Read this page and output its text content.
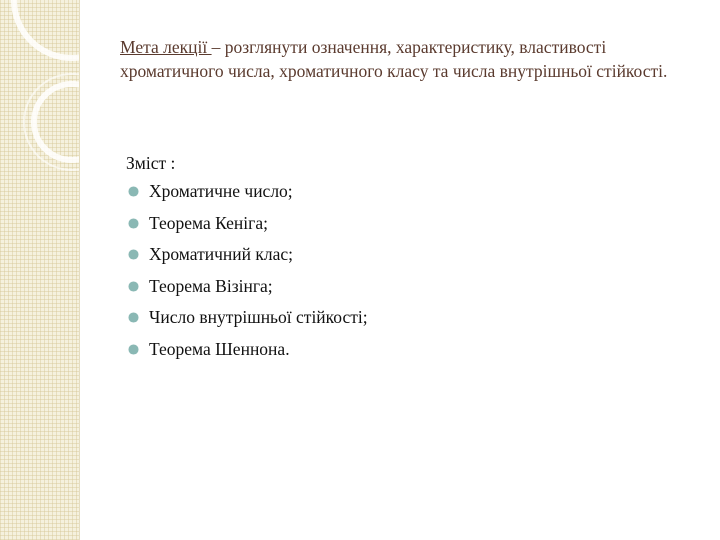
Мета лекції – розглянути означення, характеристику, властивості хроматичного числа, хроматичного класу та числа внутрішньої стійкості.

Зміст :
Хроматичне число;
Теорема Кеніга;
Хроматичний клас;
Теорема Візінга;
Число внутрішньої стійкості;
Теорема Шеннона.
